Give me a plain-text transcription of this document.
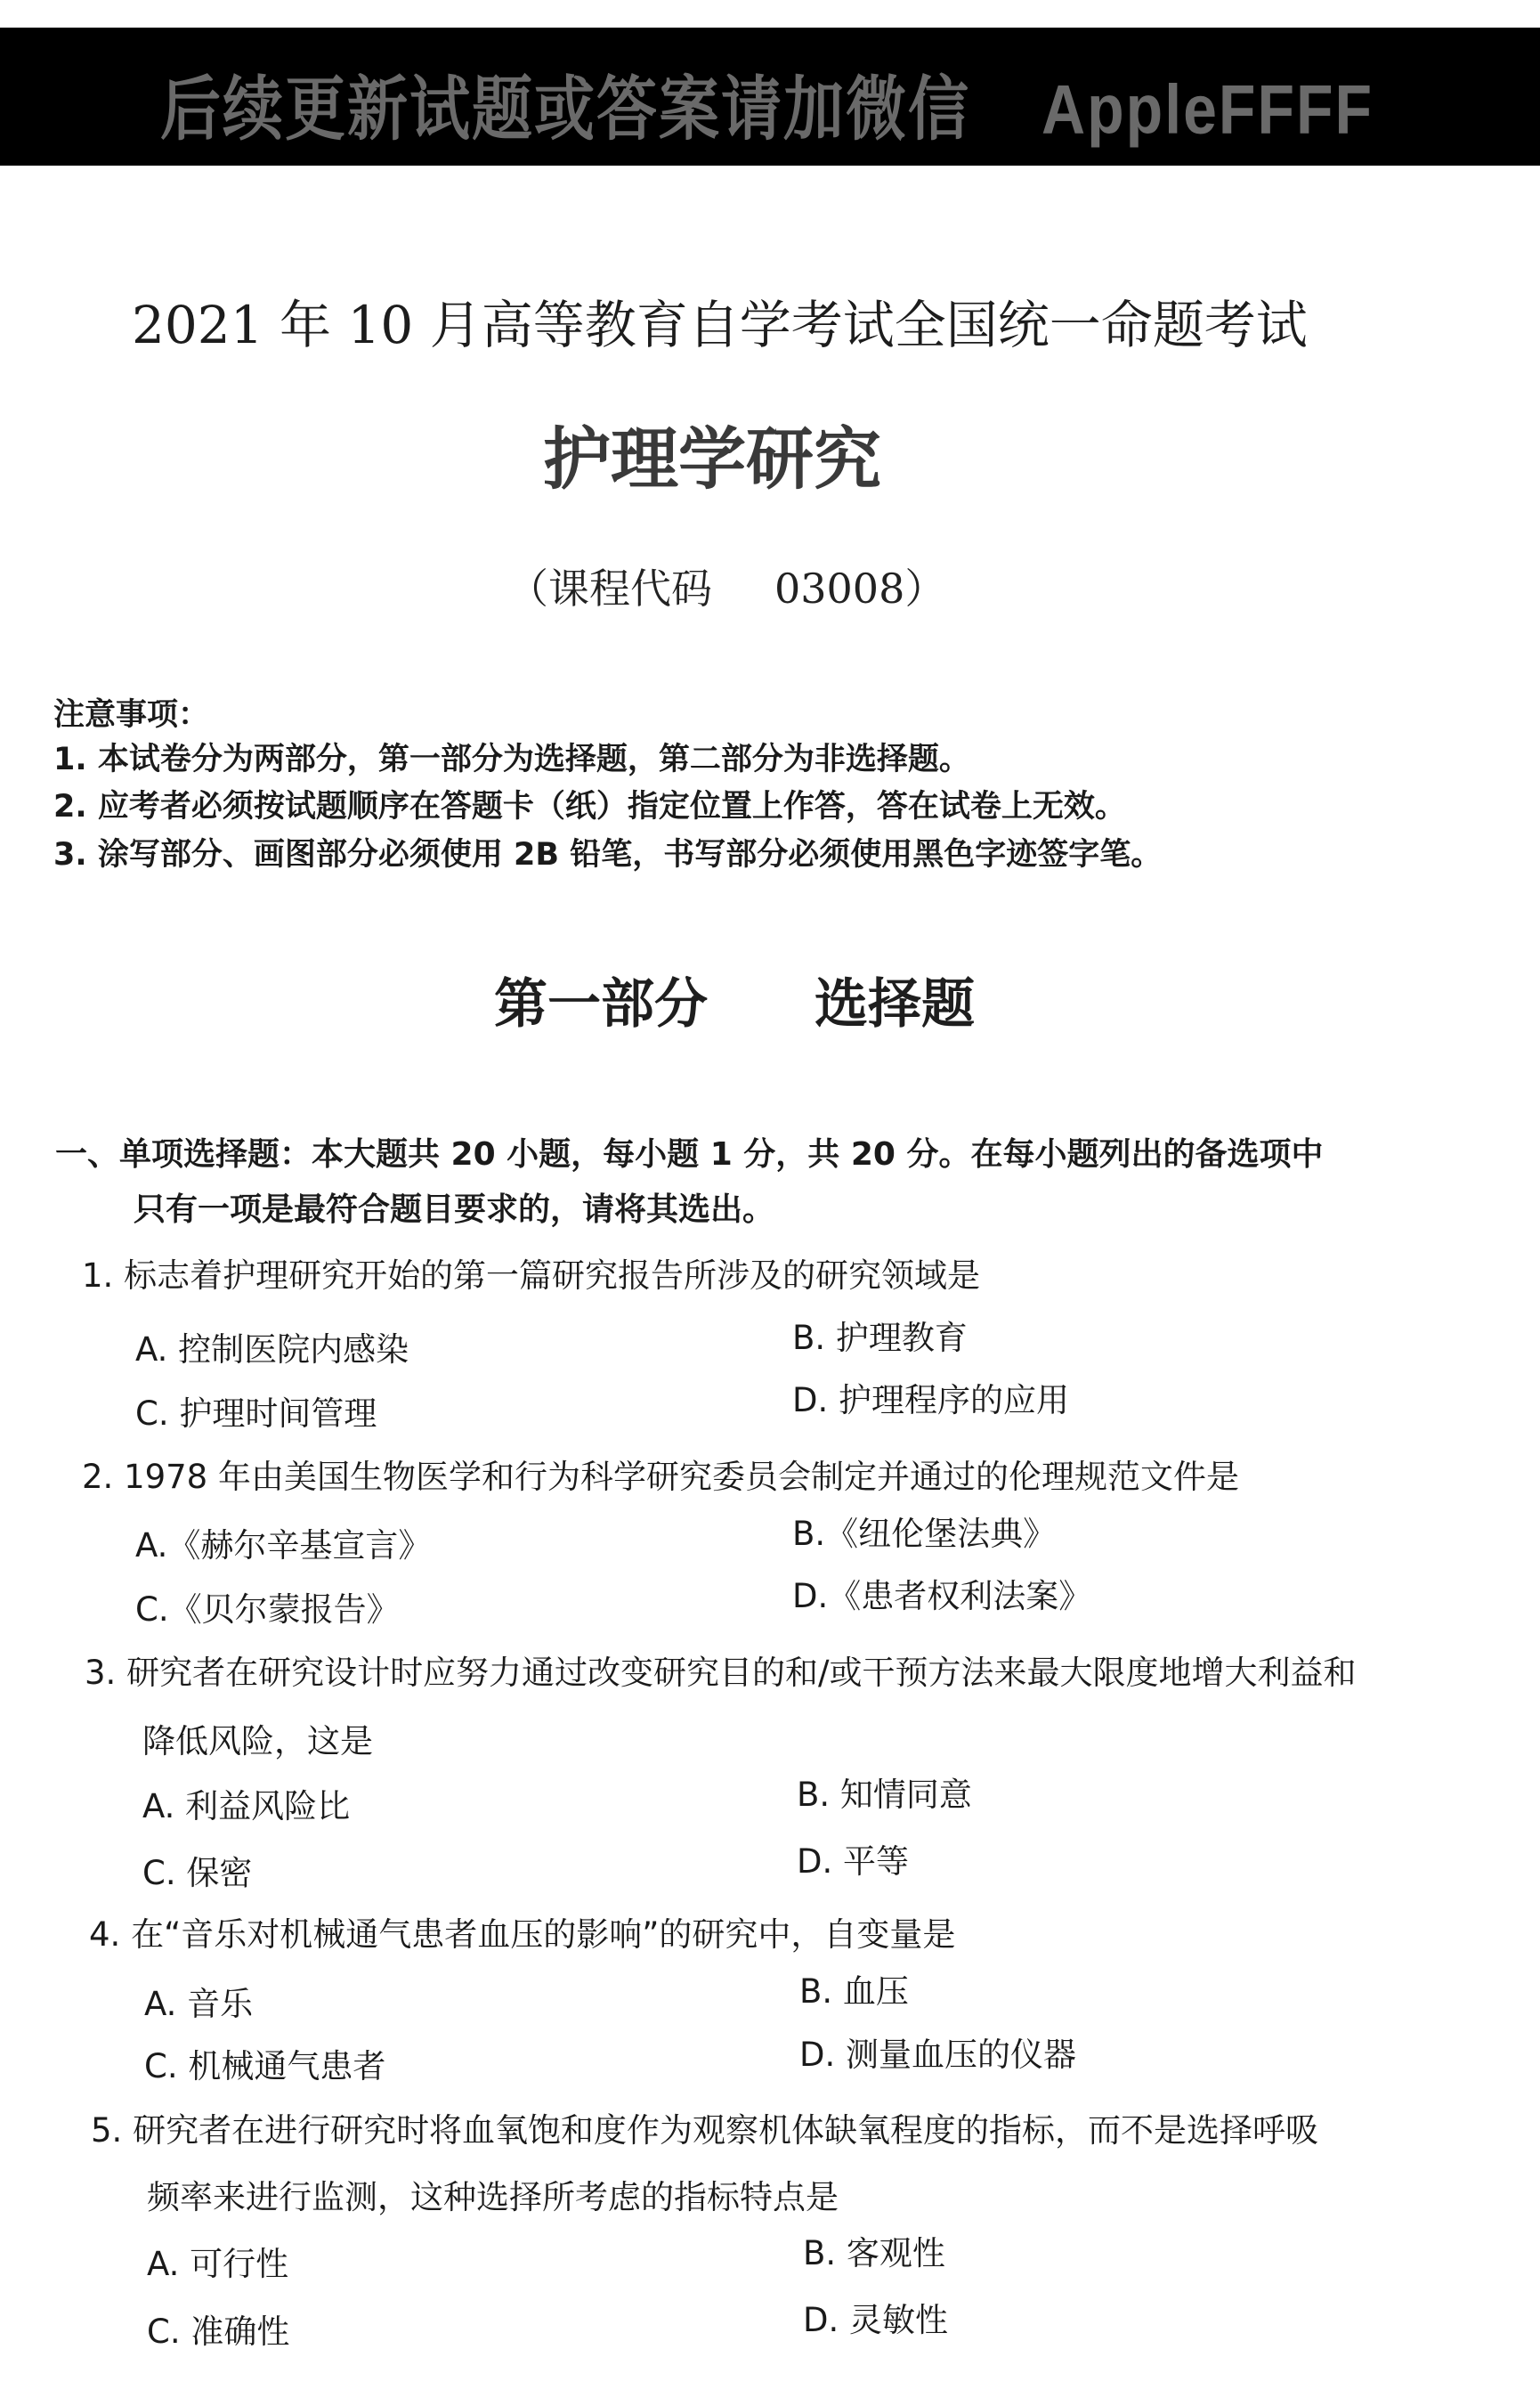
后续更新试题或答案请加微信 AppleFFFF
2021 年 10 月高等教育自学考试全国统一命题考试
护理学研究
（课程代码 03008）
注意事项：
1. 本试卷分为两部分，第一部分为选择题，第二部分为非选择题。
2. 应考者必须按试题顺序在答题卡（纸）指定位置上作答，答在试卷上无效。
3. 涂写部分、画图部分必须使用 2B 铅笔，书写部分必须使用黑色字迹签字笔。
第一部分 选择题
一、单项选择题：本大题共 20 小题，每小题 1 分，共 20 分。在每小题列出的备选项中
只有一项是最符合题目要求的，请将其选出。
1. 标志着护理研究开始的第一篇研究报告所涉及的研究领域是
A. 控制医院内感染	B. 护理教育
C. 护理时间管理	D. 护理程序的应用
2. 1978 年由美国生物医学和行为科学研究委员会制定并通过的伦理规范文件是
A.《赫尔辛基宣言》	B.《纽伦堡法典》
C.《贝尔蒙报告》	D.《患者权利法案》
3. 研究者在研究设计时应努力通过改变研究目的和/或干预方法来最大限度地增大利益和
降低风险，这是
A. 利益风险比	B. 知情同意
C. 保密	D. 平等
4. 在“音乐对机械通气患者血压的影响”的研究中，自变量是
A. 音乐	B. 血压
C. 机械通气患者	D. 测量血压的仪器
5. 研究者在进行研究时将血氧饱和度作为观察机体缺氧程度的指标，而不是选择呼吸
频率来进行监测，这种选择所考虑的指标特点是
A. 可行性	B. 客观性
C. 准确性	D. 灵敏性
